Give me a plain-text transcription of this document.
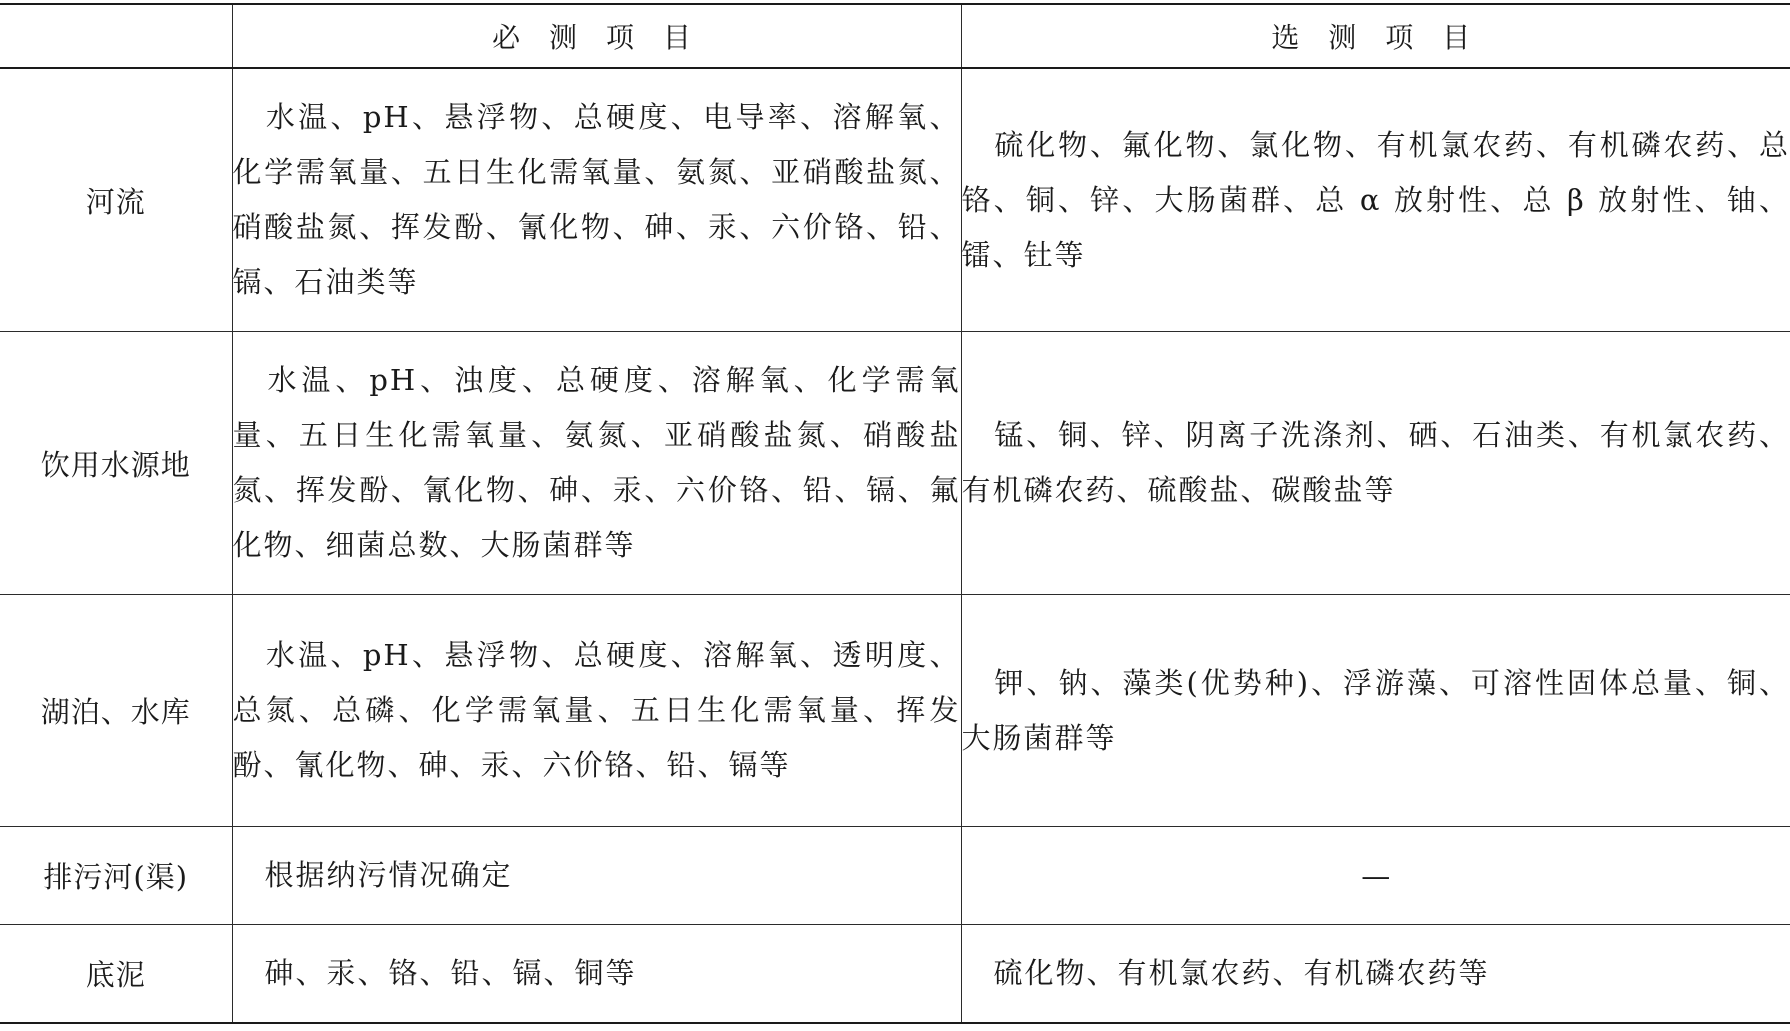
	必 测 项 目	选 测 项 目
河流	水温、pH、悬浮物、总硬度、电导率、溶解氧、化学需氧量、五日生化需氧量、氨氮、亚硝酸盐氮、硝酸盐氮、挥发酚、氰化物、砷、汞、六价铬、铅、镉、石油类等	硫化物、氟化物、氯化物、有机氯农药、有机磷农药、总铬、铜、锌、大肠菌群、总 α 放射性、总 β 放射性、铀、镭、钍等
饮用水源地	水温、pH、浊度、总硬度、溶解氧、化学需氧量、五日生化需氧量、氨氮、亚硝酸盐氮、硝酸盐氮、挥发酚、氰化物、砷、汞、六价铬、铅、镉、氟化物、细菌总数、大肠菌群等	锰、铜、锌、阴离子洗涤剂、硒、石油类、有机氯农药、有机磷农药、硫酸盐、碳酸盐等
湖泊、水库	水温、pH、悬浮物、总硬度、溶解氧、透明度、总氮、总磷、化学需氧量、五日生化需氧量、挥发酚、氰化物、砷、汞、六价铬、铅、镉等	钾、钠、藻类(优势种)、浮游藻、可溶性固体总量、铜、大肠菌群等
排污河(渠)	根据纳污情况确定	—
底泥	砷、汞、铬、铅、镉、铜等	硫化物、有机氯农药、有机磷农药等
